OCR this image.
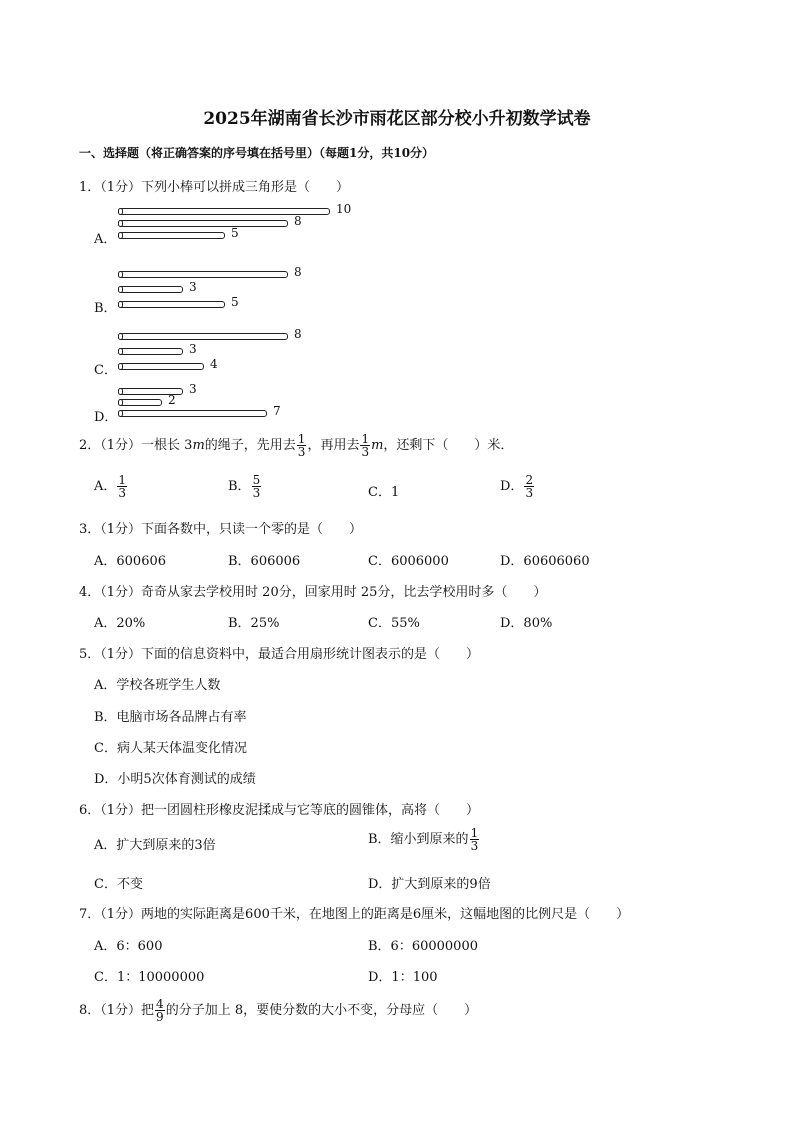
2025年湖南省长沙市雨花区部分校小升初数学试卷
一、选择题（将正确答案的序号填在括号里）（每题1分，共10分）
1．（1分）下列小棒可以拼成三角形是（　　）
A．
10
8
5
B．
8
3
5
C．
8
3
4
D．
3
2
7
2．（1分）一根长 3m的绳子，先用去 $\frac{1}{3}$ ，再用去 $\frac{1}{3}$ m，还剩下（　　）米．
A． $\frac{1}{3}$	B． $\frac{5}{3}$	C．1	D． $\frac{2}{3}$
3．（1分）下面各数中，只读一个零的是（　　）
A．600606	B．606006	C．6006000	D．60606060
4．（1分）奇奇从家去学校用时 20分，回家用时 25分，比去学校用时多（　　）
A．20%	B．25%	C．55%	D．80%
5．（1分）下面的信息资料中，最适合用扇形统计图表示的是（　　）
A．学校各班学生人数
B．电脑市场各品牌占有率
C．病人某天体温变化情况
D．小明5次体育测试的成绩
6．（1分）把一团圆柱形橡皮泥揉成与它等底的圆锥体，高将（　　）
A．扩大到原来的3倍	B．缩小到原来的 $\frac{1}{3}$
C．不变	D．扩大到原来的9倍
7．（1分）两地的实际距离是600千米，在地图上的距离是6厘米，这幅地图的比例尺是（　　）
A．6：600	B．6：60000000
C．1：10000000	D．1：100
8．（1分）把 $\frac{4}{9}$ 的分子加上 8，要使分数的大小不变，分母应（　　）
